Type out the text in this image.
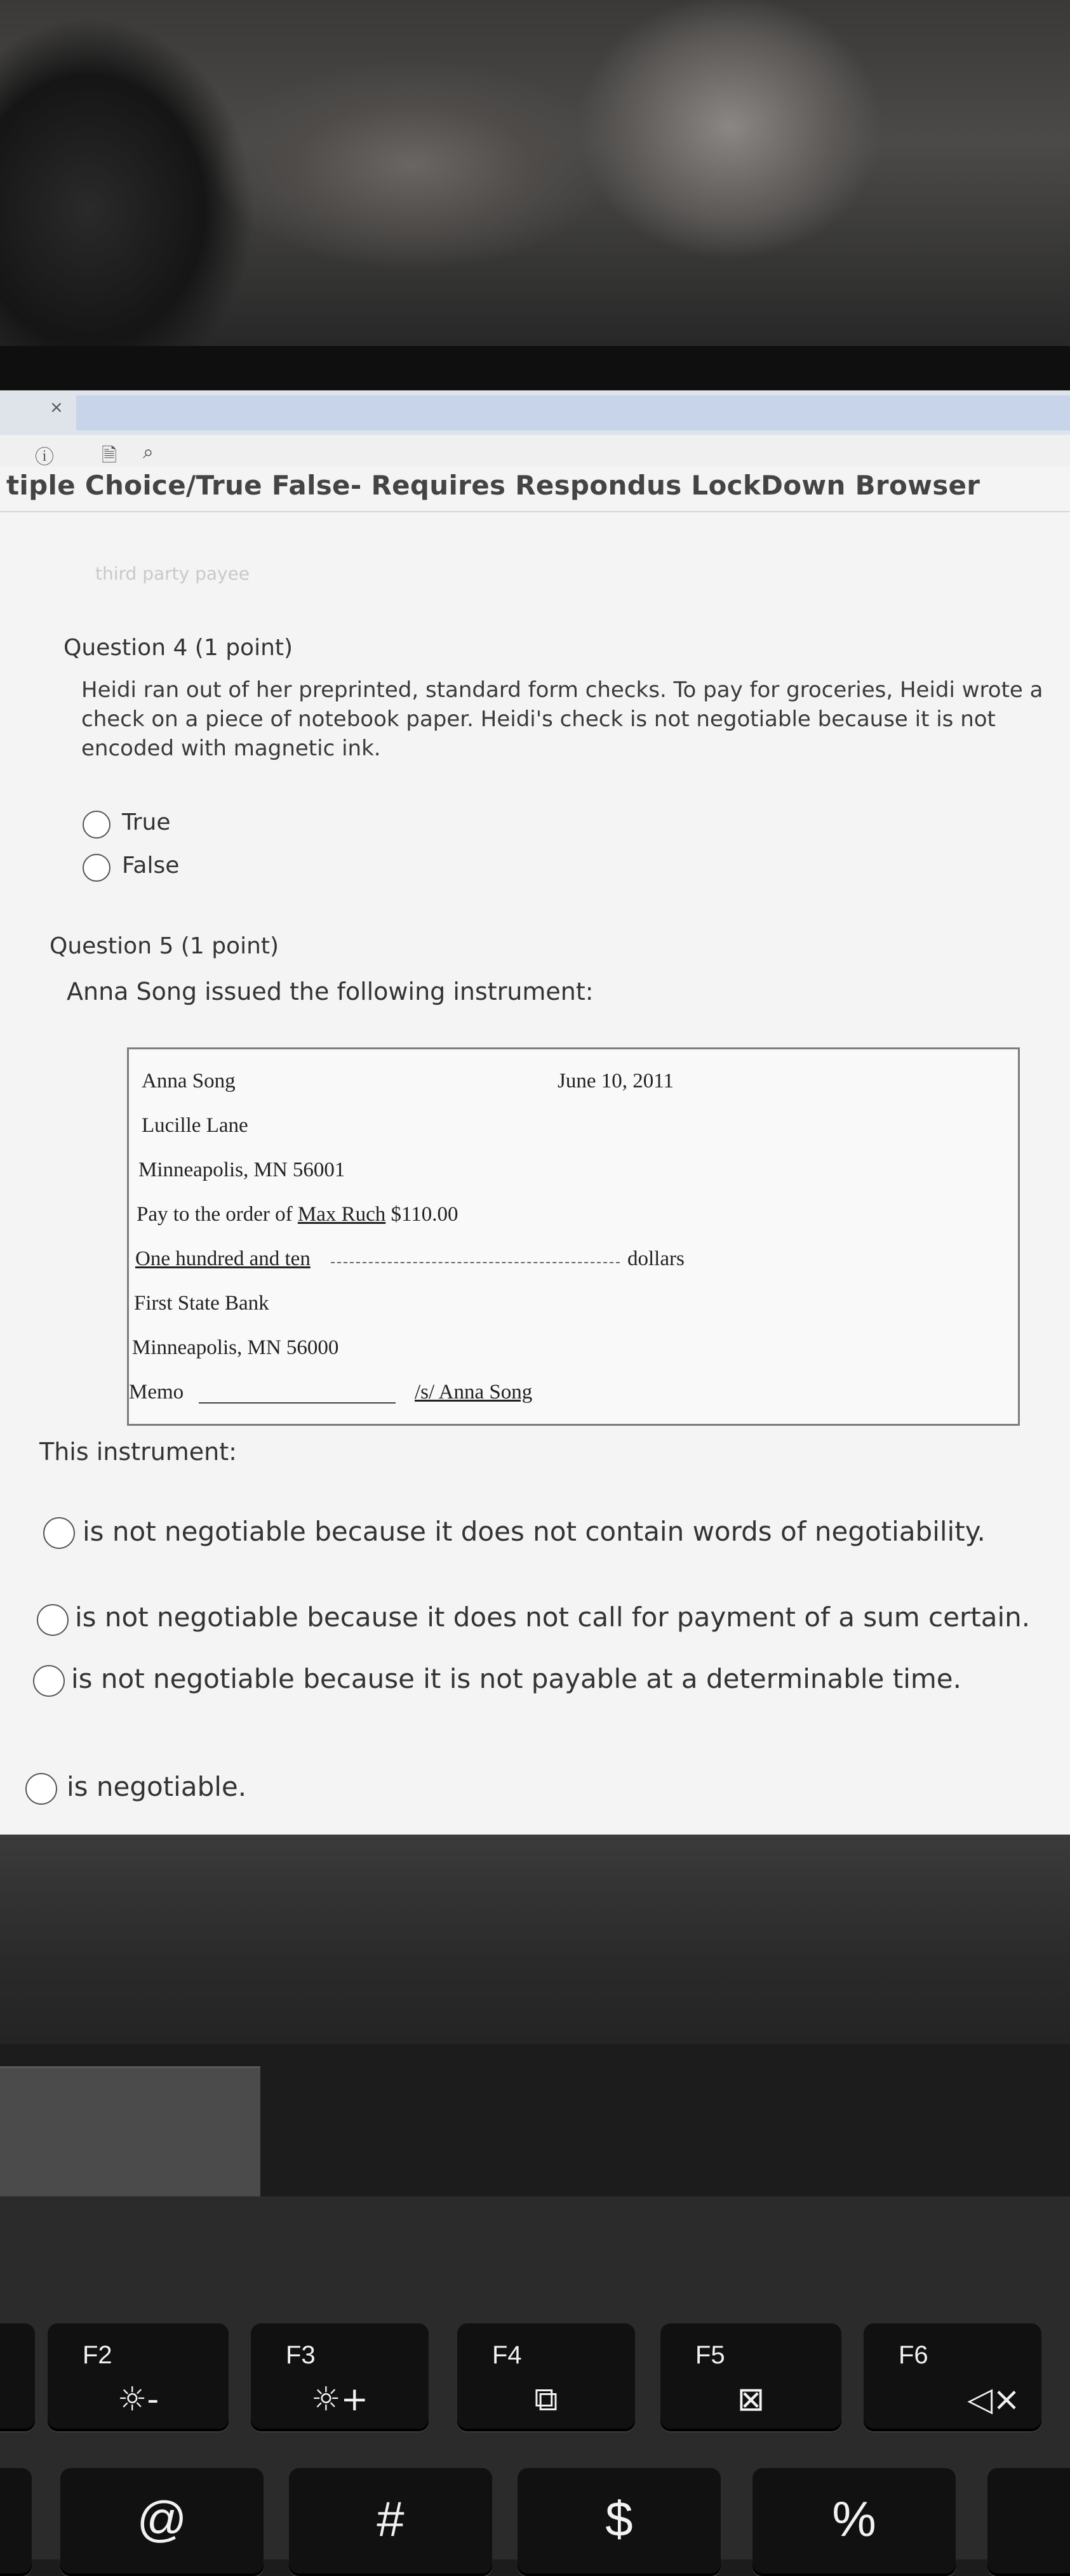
×
ⓘ	🗎 ⌕
tiple Choice/True False- Requires Respondus LockDown Browser
third party payee
Question 4 (1 point)
Heidi ran out of her preprinted, standard form checks. To pay for groceries, Heidi wrote a check on a piece of notebook paper. Heidi's check is not negotiable because it is not encoded with magnetic ink.
True
False
Question 5 (1 point)
Anna Song issued the following instrument:
Anna Song	June 10, 2011
Lucille Lane
Minneapolis, MN 56001
Pay to the order of Max Ruch $110.00
One hundred and ten	dollars
First State Bank
Minneapolis, MN 56000
Memo	/s/ Anna Song
This instrument:
is not negotiable because it does not contain words of negotiability.
is not negotiable because it does not call for payment of a sum certain.
is not negotiable because it is not payable at a determinable time.
is negotiable.
F2
☼-
F3
☼+
F4
⧉
F5
⊠
F6
◁×
@	#	$	%
